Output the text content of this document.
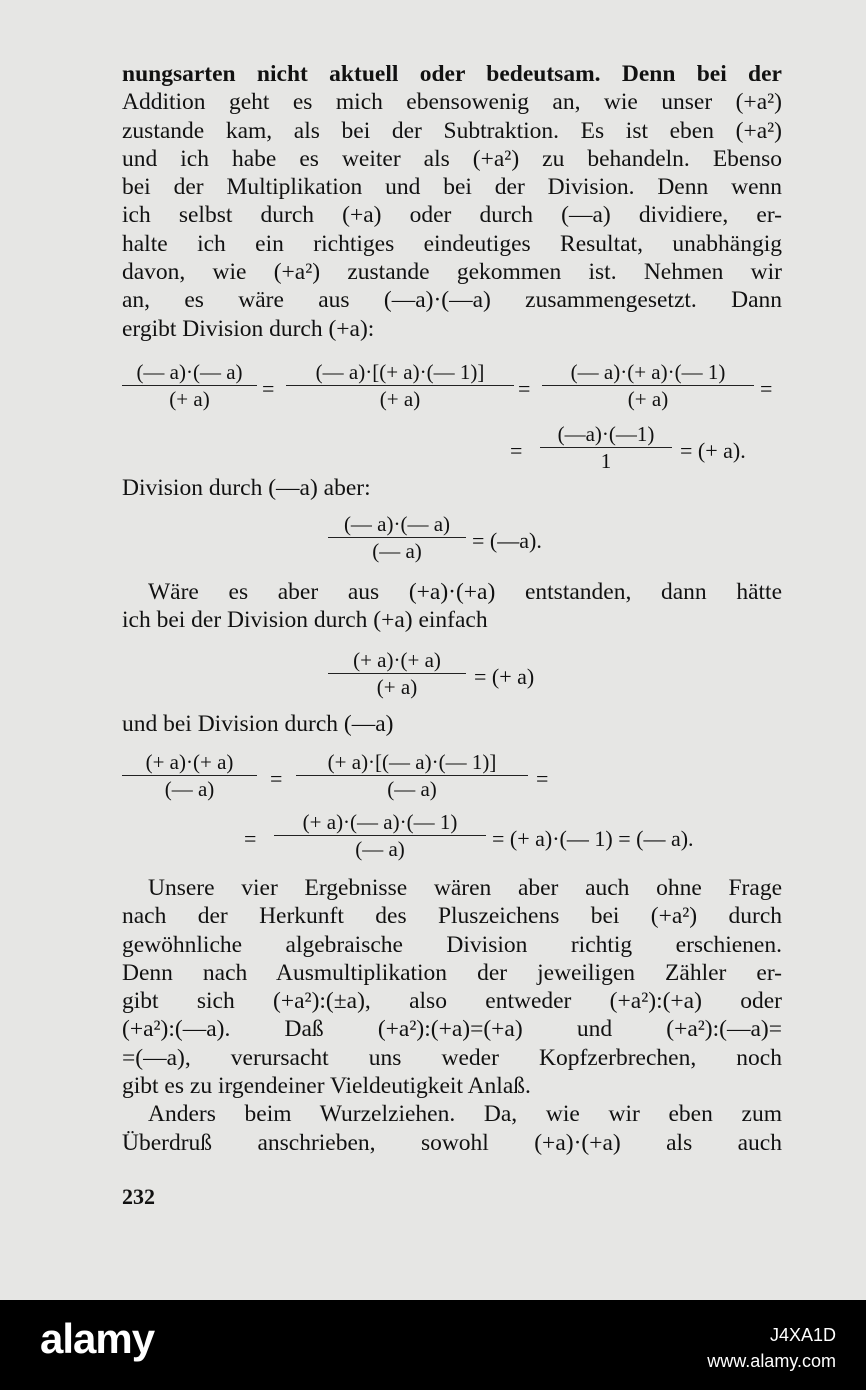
nungsarten nicht aktuell oder bedeutsam. Denn bei der
Addition geht es mich ebensowenig an, wie unser (+a²)
zustande kam, als bei der Subtraktion. Es ist eben (+a²)
und ich habe es weiter als (+a²) zu behandeln. Ebenso
bei der Multiplikation und bei der Division. Denn wenn
ich selbst durch (+a) oder durch (—a) dividiere, er-
halte ich ein richtiges eindeutiges Resultat, unabhängig
davon, wie (+a²) zustande gekommen ist. Nehmen wir
an, es wäre aus (—a)·(—a) zusammengesetzt. Dann
ergibt Division durch (+a):
(— a)·(— a)
(+ a)	=
(— a)·[(+ a)·(— 1)]
(+ a)	=
(— a)·(+ a)·(— 1)
(+ a)	=
=
(—a)·(—1)
1	= (+ a).
Division durch (—a) aber:
(— a)·(— a)
(— a)	= (—a).
Wäre es aber aus (+a)·(+a) entstanden, dann hätte
ich bei der Division durch (+a) einfach
(+ a)·(+ a)
(+ a)	= (+ a)
und bei Division durch (—a)
(+ a)·(+ a)
(— a)	=
(+ a)·[(— a)·(— 1)]
(— a)	=
=
(+ a)·(— a)·(— 1)
(— a)	= (+ a)·(— 1) = (— a).
Unsere vier Ergebnisse wären aber auch ohne Frage
nach der Herkunft des Pluszeichens bei (+a²) durch
gewöhnliche algebraische Division richtig erschienen.
Denn nach Ausmultiplikation der jeweiligen Zähler er-
gibt sich (+a²):(±a), also entweder (+a²):(+a) oder
(+a²):(—a). Daß (+a²):(+a)=(+a) und (+a²):(—a)=
=(—a), verursacht uns weder Kopfzerbrechen, noch
gibt es zu irgendeiner Vieldeutigkeit Anlaß.
Anders beim Wurzelziehen. Da, wie wir eben zum
Überdruß anschrieben, sowohl (+a)·(+a) als auch
232
alamy	J4XA1D
www.alamy.com
